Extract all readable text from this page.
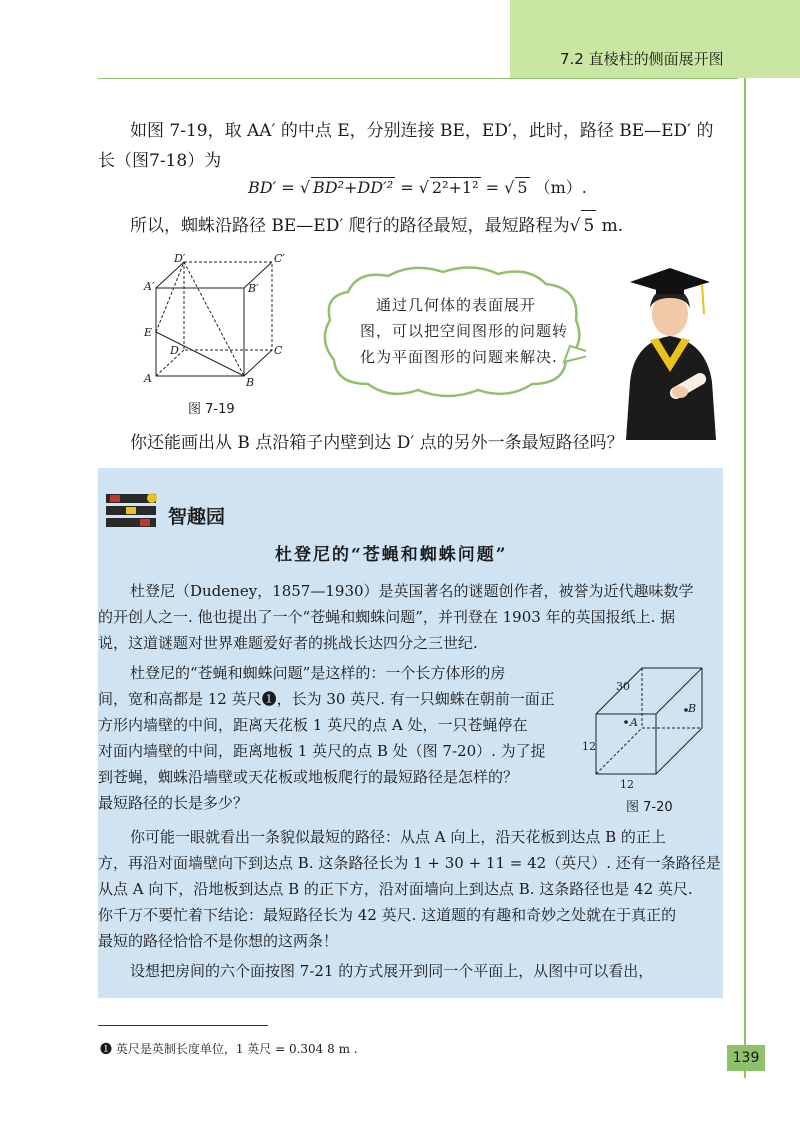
7.2 直棱柱的侧面展开图
如图 7-19，取 AA′ 的中点 E，分别连接 BE，ED′，此时，路径 BE—ED′ 的
长（图7-18）为
BD′ = √ BD²+DD′² = √ 2²+1² = √ 5 （m）.
所以，蜘蛛沿路径 BE—ED′ 爬行的路径最短，最短路程为√ 5 m.
D′	C′
A′	B′
E
D	C
A	B
图 7-19
通过几何体的表面展开
图，可以把空间图形的问题转
化为平面图形的问题来解决.
你还能画出从 B 点沿箱子内壁到达 D′ 点的另外一条最短路径吗？
智趣园
杜登尼的“苍蝇和蜘蛛问题”
杜登尼（Dudeney，1857—1930）是英国著名的谜题创作者，被誉为近代趣味数学
的开创人之一. 他也提出了一个“苍蝇和蜘蛛问题”，并刊登在 1903 年的英国报纸上. 据
说，这道谜题对世界难题爱好者的挑战长达四分之三世纪.
杜登尼的“苍蝇和蜘蛛问题”是这样的：一个长方体形的房
间，宽和高都是 12 英尺❶，长为 30 英尺. 有一只蜘蛛在朝前一面正
方形内墙壁的中间，距离天花板 1 英尺的点 A 处，一只苍蝇停在
对面内墙壁的中间，距离地板 1 英尺的点 B 处（图 7-20）. 为了捉
到苍蝇，蜘蛛沿墙壁或天花板或地板爬行的最短路径是怎样的？
最短路径的长是多少？
30
12
12
A
B
图 7-20
你可能一眼就看出一条貌似最短的路径：从点 A 向上，沿天花板到达点 B 的正上
方，再沿对面墙壁向下到达点 B. 这条路径长为 1 + 30 + 11 = 42（英尺）. 还有一条路径是
从点 A 向下，沿地板到达点 B 的正下方，沿对面墙向上到达点 B. 这条路径也是 42 英尺.
你千万不要忙着下结论：最短路径长为 42 英尺. 这道题的有趣和奇妙之处就在于真正的
最短的路径恰恰不是你想的这两条！
设想把房间的六个面按图 7-21 的方式展开到同一个平面上，从图中可以看出，
❶ 英尺是英制长度单位，1 英尺 = 0.304 8 m .
139
